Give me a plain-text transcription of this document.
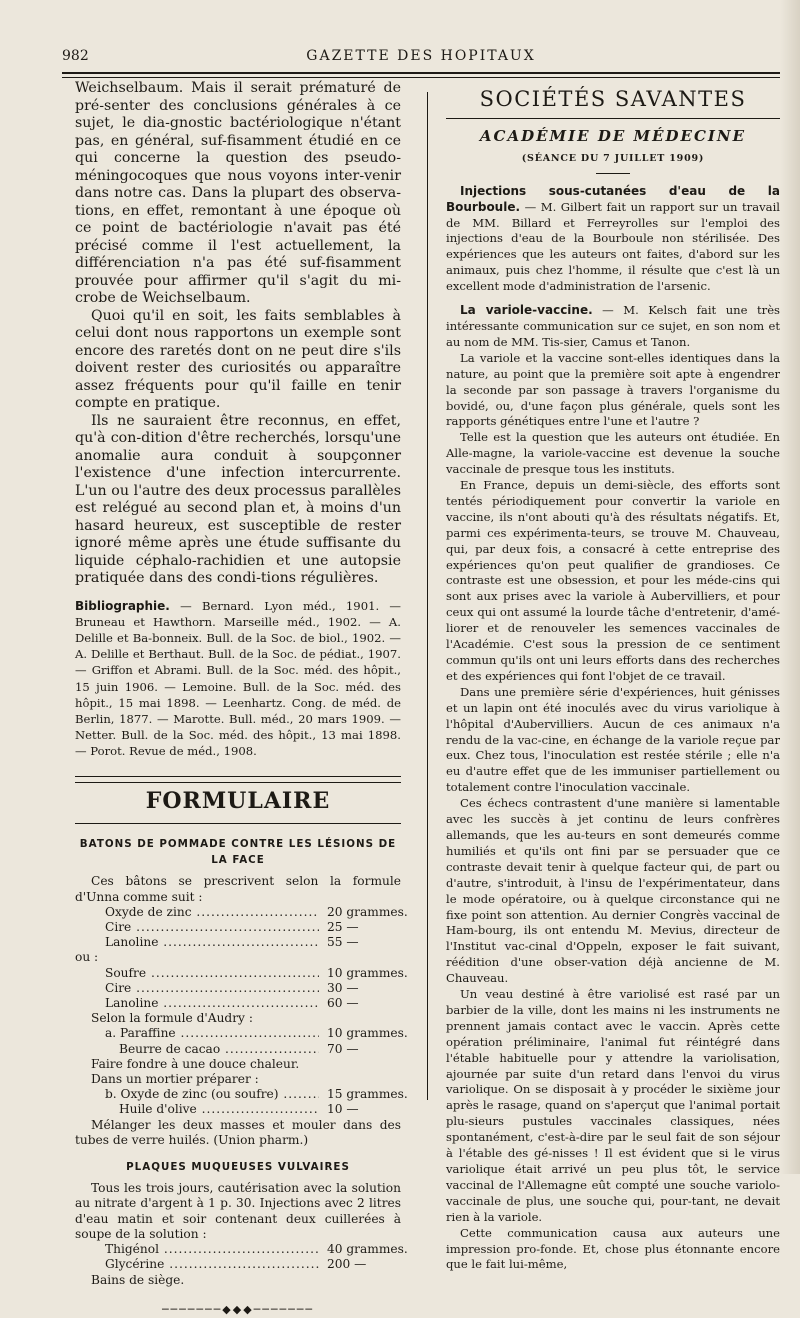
982	GAZETTE DES HOPITAUX

Weichselbaum. Mais il serait prématuré de pré-senter des conclusions générales à ce sujet, le dia-gnostic bactériologique n'étant pas, en général, suf-fisamment étudié en ce qui concerne la question des pseudo-méningocoques que nous voyons inter-venir dans notre cas. Dans la plupart des observa-tions, en effet, remontant à une époque où ce point de bactériologie n'avait pas été précisé comme il l'est actuellement, la différenciation n'a pas été suf-fisamment prouvée pour affirmer qu'il s'agit du mi-crobe de Weichselbaum.

Quoi qu'il en soit, les faits semblables à celui dont nous rapportons un exemple sont encore des raretés dont on ne peut dire s'ils doivent rester des curiosités ou apparaître assez fréquents pour qu'il faille en tenir compte en pratique.

Ils ne sauraient être reconnus, en effet, qu'à con-dition d'être recherchés, lorsqu'une anomalie aura conduit à soupçonner l'existence d'une infection intercurrente. L'un ou l'autre des deux processus parallèles est relégué au second plan et, à moins d'un hasard heureux, est susceptible de rester ignoré même après une étude suffisante du liquide céphalo-rachidien et une autopsie pratiquée dans des condi-tions régulières.

Bibliographie. — Bernard. Lyon méd., 1901. — Bruneau et Hawthorn. Marseille méd., 1902. — A. Delille et Ba-bonneix. Bull. de la Soc. de biol., 1902. — A. Delille et Berthaut. Bull. de la Soc. de pédiat., 1907. — Griffon et Abrami. Bull. de la Soc. méd. des hôpit., 15 juin 1906. — Lemoine. Bull. de la Soc. méd. des hôpit., 15 mai 1898. — Leenhartz. Cong. de méd. de Berlin, 1877. — Marotte. Bull. méd., 20 mars 1909. — Netter. Bull. de la Soc. méd. des hôpit., 13 mai 1898. — Porot. Revue de méd., 1908.
FORMULAIRE
BATONS DE POMMADE CONTRE LES LÉSIONS DE LA FACE

Ces bâtons se prescrivent selon la formule d'Unna comme suit :

Oxyde de zinc .....	20 grammes.
Cire .....	25 —
Lanoline .....	55 —

ou :

Soufre .....	10 grammes.
Cire .....	30 —
Lanoline .....	60 —

Selon la formule d'Audry :

a. Paraffine .....	10 grammes.
Beurre de cacao .....	70 —

Faire fondre à une douce chaleur.

Dans un mortier préparer :

b. Oxyde de zinc (ou soufre) .....	15 grammes.
Huile d'olive .....	10 —

Mélanger les deux masses et mouler dans des tubes de verre huilés. (Union pharm.)

PLAQUES MUQUEUSES VULVAIRES

Tous les trois jours, cautérisation avec la solution au nitrate d'argent à 1 p. 30. Injections avec 2 litres d'eau matin et soir contenant deux cuillerées à soupe de la solution :

Thigénol .....	40 grammes.
Glycérine .....	200 —

Bains de siège.

───────◆◆◆───────
SOCIÉTÉS SAVANTES
ACADÉMIE DE MÉDECINE
(SÉANCE DU 7 JUILLET 1909)

Injections sous-cutanées d'eau de la Bourboule. — M. Gilbert fait un rapport sur un travail de MM. Billard et Ferreyrolles sur l'emploi des injections d'eau de la Bourboule non stérilisée. Des expériences que les auteurs ont faites, d'abord sur les animaux, puis chez l'homme, il résulte que c'est là un excellent mode d'administration de l'arsenic.

La variole-vaccine. — M. Kelsch fait une très intéressante communication sur ce sujet, en son nom et au nom de MM. Tis-sier, Camus et Tanon.

La variole et la vaccine sont-elles identiques dans la nature, au point que la première soit apte à engendrer la seconde par son passage à travers l'organisme du bovidé, ou, d'une façon plus générale, quels sont les rapports génétiques entre l'une et l'autre ?

Telle est la question que les auteurs ont étudiée. En Alle-magne, la variole-vaccine est devenue la souche vaccinale de presque tous les instituts.

En France, depuis un demi-siècle, des efforts sont tentés périodiquement pour convertir la variole en vaccine, ils n'ont abouti qu'à des résultats négatifs. Et, parmi ces expérimenta-teurs, se trouve M. Chauveau, qui, par deux fois, a consacré à cette entreprise des expériences qu'on peut qualifier de grandioses. Ce contraste est une obsession, et pour les méde-cins qui sont aux prises avec la variole à Aubervilliers, et pour ceux qui ont assumé la lourde tâche d'entretenir, d'amé-liorer et de renouveler les semences vaccinales de l'Académie. C'est sous la pression de ce sentiment commun qu'ils ont uni leurs efforts dans des recherches et des expériences qui font l'objet de ce travail.

Dans une première série d'expériences, huit génisses et un lapin ont été inoculés avec du virus variolique à l'hôpital d'Aubervilliers. Aucun de ces animaux n'a rendu de la vac-cine, en échange de la variole reçue par eux. Chez tous, l'inoculation est restée stérile ; elle n'a eu d'autre effet que de les immuniser partiellement ou totalement contre l'inoculation vaccinale.

Ces échecs contrastent d'une manière si lamentable avec les succès à jet continu de leurs confrères allemands, que les au-teurs en sont demeurés comme humiliés et qu'ils ont fini par se persuader que ce contraste devait tenir à quelque facteur qui, de part ou d'autre, s'introduit, à l'insu de l'expérimentateur, dans le mode opératoire, ou à quelque circonstance qui ne fixe point son attention. Au dernier Congrès vaccinal de Ham-bourg, ils ont entendu M. Mevius, directeur de l'Institut vac-cinal d'Oppeln, exposer le fait suivant, réédition d'une obser-vation déjà ancienne de M. Chauveau.

Un veau destiné à être variolisé est rasé par un barbier de la ville, dont les mains ni les instruments ne prennent jamais contact avec le vaccin. Après cette opération préliminaire, l'animal fut réintégré dans l'étable habituelle pour y attendre la variolisation, ajournée par suite d'un retard dans l'envoi du virus variolique. On se disposait à y procéder le sixième jour après le rasage, quand on s'aperçut que l'animal portait plu-sieurs pustules vaccinales classiques, nées spontanément, c'est-à-dire par le seul fait de son séjour à l'étable des gé-nisses ! Il est évident que si le virus variolique était arrivé un peu plus tôt, le service vaccinal de l'Allemagne eût compté une souche variolo-vaccinale de plus, une souche qui, pour-tant, ne devait rien à la variole.

Cette communication causa aux auteurs une impression pro-fonde. Et, chose plus étonnante encore que le fait lui-même,
